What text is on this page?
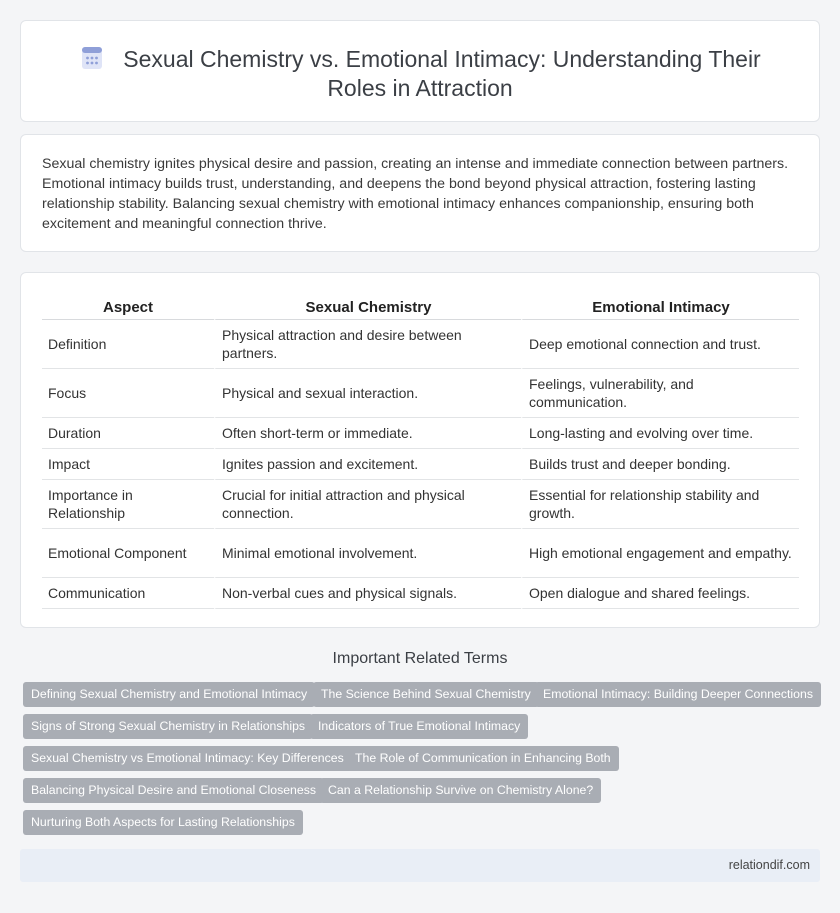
Sexual Chemistry vs. Emotional Intimacy: Understanding Their Roles in Attraction

Sexual chemistry ignites physical desire and passion, creating an intense and immediate connection between partners. Emotional intimacy builds trust, understanding, and deepens the bond beyond physical attraction, fostering lasting relationship stability. Balancing sexual chemistry with emotional intimacy enhances companionship, ensuring both excitement and meaningful connection thrive.

Aspect	Sexual Chemistry	Emotional Intimacy
Definition	Physical attraction and desire between partners.	Deep emotional connection and trust.
Focus	Physical and sexual interaction.	Feelings, vulnerability, and communication.
Duration	Often short-term or immediate.	Long-lasting and evolving over time.
Impact	Ignites passion and excitement.	Builds trust and deeper bonding.
Importance in Relationship	Crucial for initial attraction and physical connection.	Essential for relationship stability and growth.
Emotional Component	Minimal emotional involvement.	High emotional engagement and empathy.
Communication	Non-verbal cues and physical signals.	Open dialogue and shared feelings.
Important Related Terms
Defining Sexual Chemistry and Emotional Intimacy	The Science Behind Sexual Chemistry Emotional Intimacy: Building Deeper Connections
Signs of Strong Sexual Chemistry in Relationships	Indicators of True Emotional Intimacy
Sexual Chemistry vs Emotional Intimacy: Key Differences The Role of Communication in Enhancing Both
Balancing Physical Desire and Emotional Closeness Can a Relationship Survive on Chemistry Alone?
Nurturing Both Aspects for Lasting Relationships
relationdif.com
